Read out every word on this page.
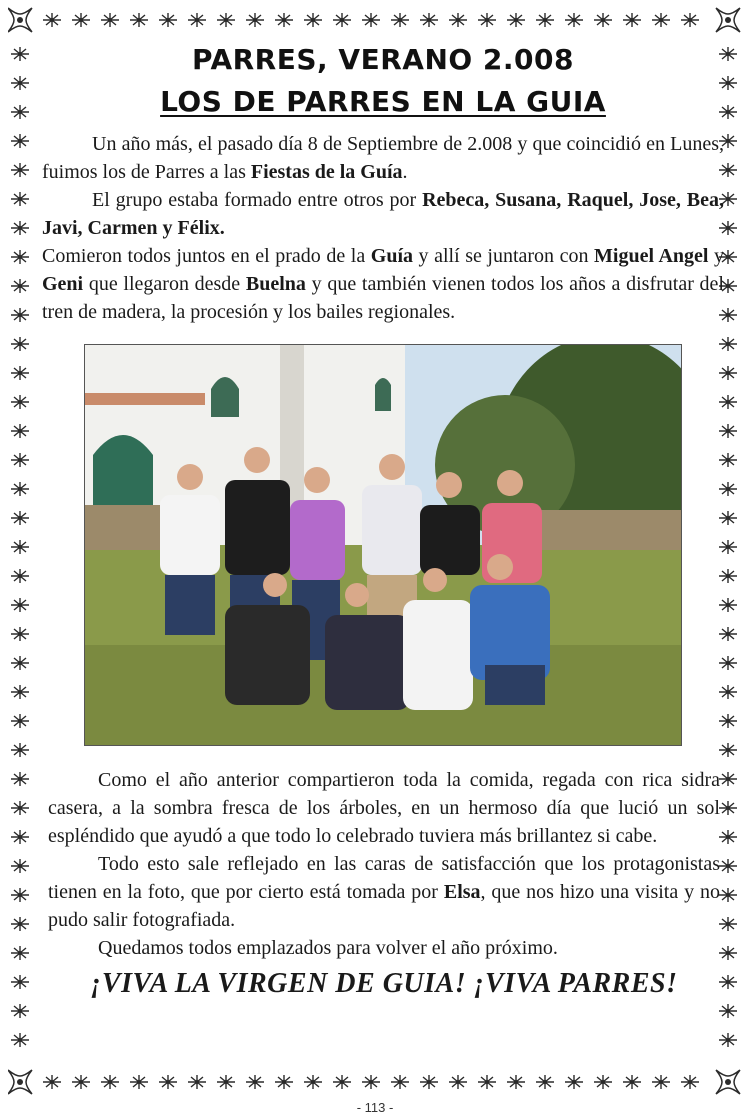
PARRES, VERANO 2.008
LOS DE PARRES EN LA GUIA

Un año más, el pasado día 8 de Septiembre de 2.008 y que coincidió en Lunes, fuimos los de Parres a las Fiestas de la Guía.

El grupo estaba formado entre otros por Rebeca, Susana, Raquel, Jose, Bea, Javi, Carmen y Félix.

Comieron todos juntos en el prado de la Guía y allí se juntaron con Miguel Angel y Geni que llegaron desde Buelna y que también vienen todos los años a disfrutar del tren de madera, la procesión y los bailes regionales.

Como el año anterior compartieron toda la comida, regada con rica sidra casera, a la sombra fresca de los árboles, en un hermoso día que lució un sol espléndido que ayudó a que todo lo celebrado tuviera más brillantez si cabe.

Todo esto sale reflejado en las caras de satisfacción que los protagonistas tienen en la foto, que por cierto está tomada por Elsa, que nos hizo una visita y no pudo salir fotografiada.

Quedamos todos emplazados para volver el año próximo.

¡VIVA LA VIRGEN DE GUIA! ¡VIVA PARRES!
- 113 -
